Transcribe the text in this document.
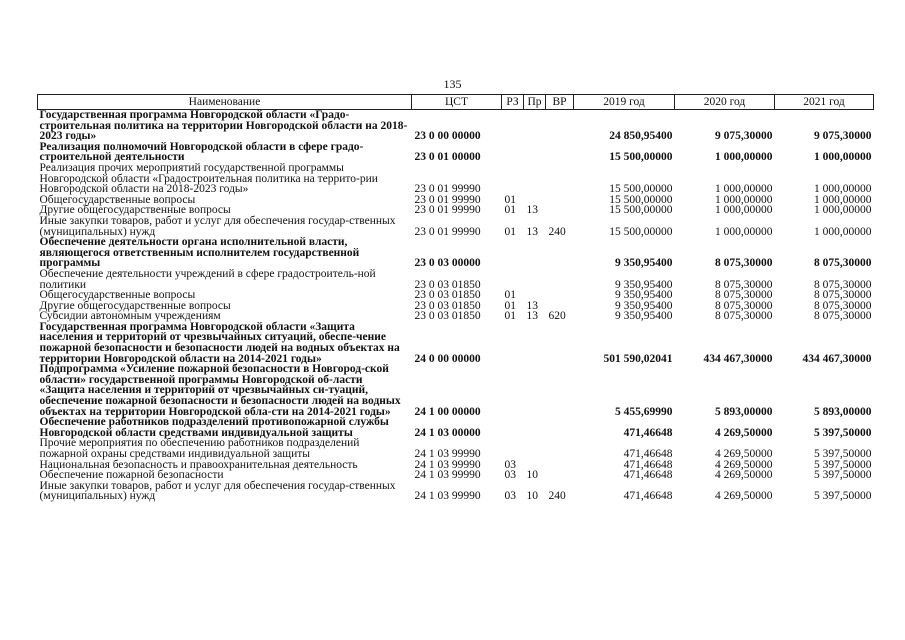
135
Наименование	ЦСТ	РЗ	Пр	ВР	2019 год	2020 год	2021 год
Государственная программа Новгородской области «Градо-строительная политика на территории Новгородской области на 2018-2023 годы»	23 0 00 00000				24 850,95400	9 075,30000	9 075,30000
Реализация полномочий Новгородской области в сфере градо-строительной деятельности	23 0 01 00000				15 500,00000	1 000,00000	1 000,00000
Реализация прочих мероприятий государственной программы Новгородской области «Градостроительная политика на террито-рии Новгородской области на 2018-2023 годы»	23 0 01 99990				15 500,00000	1 000,00000	1 000,00000
Общегосударственные вопросы	23 0 01 99990	01			15 500,00000	1 000,00000	1 000,00000
Другие общегосударственные вопросы	23 0 01 99990	01	13		15 500,00000	1 000,00000	1 000,00000
Иные закупки товаров, работ и услуг для обеспечения государ-ственных (муниципальных) нужд	23 0 01 99990	01	13	240	15 500,00000	1 000,00000	1 000,00000
Обеспечение деятельности органа исполнительной власти, являющегося ответственным исполнителем государственной программы	23 0 03 00000				9 350,95400	8 075,30000	8 075,30000
Обеспечение деятельности учреждений в сфере градостроитель-ной политики	23 0 03 01850				9 350,95400	8 075,30000	8 075,30000
Общегосударственные вопросы	23 0 03 01850	01			9 350,95400	8 075,30000	8 075,30000
Другие общегосударственные вопросы	23 0 03 01850	01	13		9 350,95400	8 075,30000	8 075,30000
Субсидии автономным учреждениям	23 0 03 01850	01	13	620	9 350,95400	8 075,30000	8 075,30000
Государственная программа Новгородской области «Защита населения и территорий от чрезвычайных ситуаций, обеспе-чение пожарной безопасности и безопасности людей на водных объектах на территории Новгородской области на 2014-2021 годы»	24 0 00 00000				501 590,02041	434 467,30000	434 467,30000
Подпрограмма «Усиление пожарной безопасности в Новгород-ской области» государственной программы Новгородской об-ласти «Защита населения и территорий от чрезвычайных си-туаций, обеспечение пожарной безопасности и безопасности людей на водных объектах на территории Новгородской обла-сти на 2014-2021 годы»	24 1 00 00000				5 455,69990	5 893,00000	5 893,00000
Обеспечение работников подразделений противопожарной службы Новгородской области средствами индивидуальной защиты	24 1 03 00000				471,46648	4 269,50000	5 397,50000
Прочие мероприятия по обеспечению работников подразделений пожарной охраны средствами индивидуальной защиты	24 1 03 99990				471,46648	4 269,50000	5 397,50000
Национальная безопасность и правоохранительная деятельность	24 1 03 99990	03			471,46648	4 269,50000	5 397,50000
Обеспечение пожарной безопасности	24 1 03 99990	03	10		471,46648	4 269,50000	5 397,50000
Иные закупки товаров, работ и услуг для обеспечения государ-ственных (муниципальных) нужд	24 1 03 99990	03	10	240	471,46648	4 269,50000	5 397,50000
